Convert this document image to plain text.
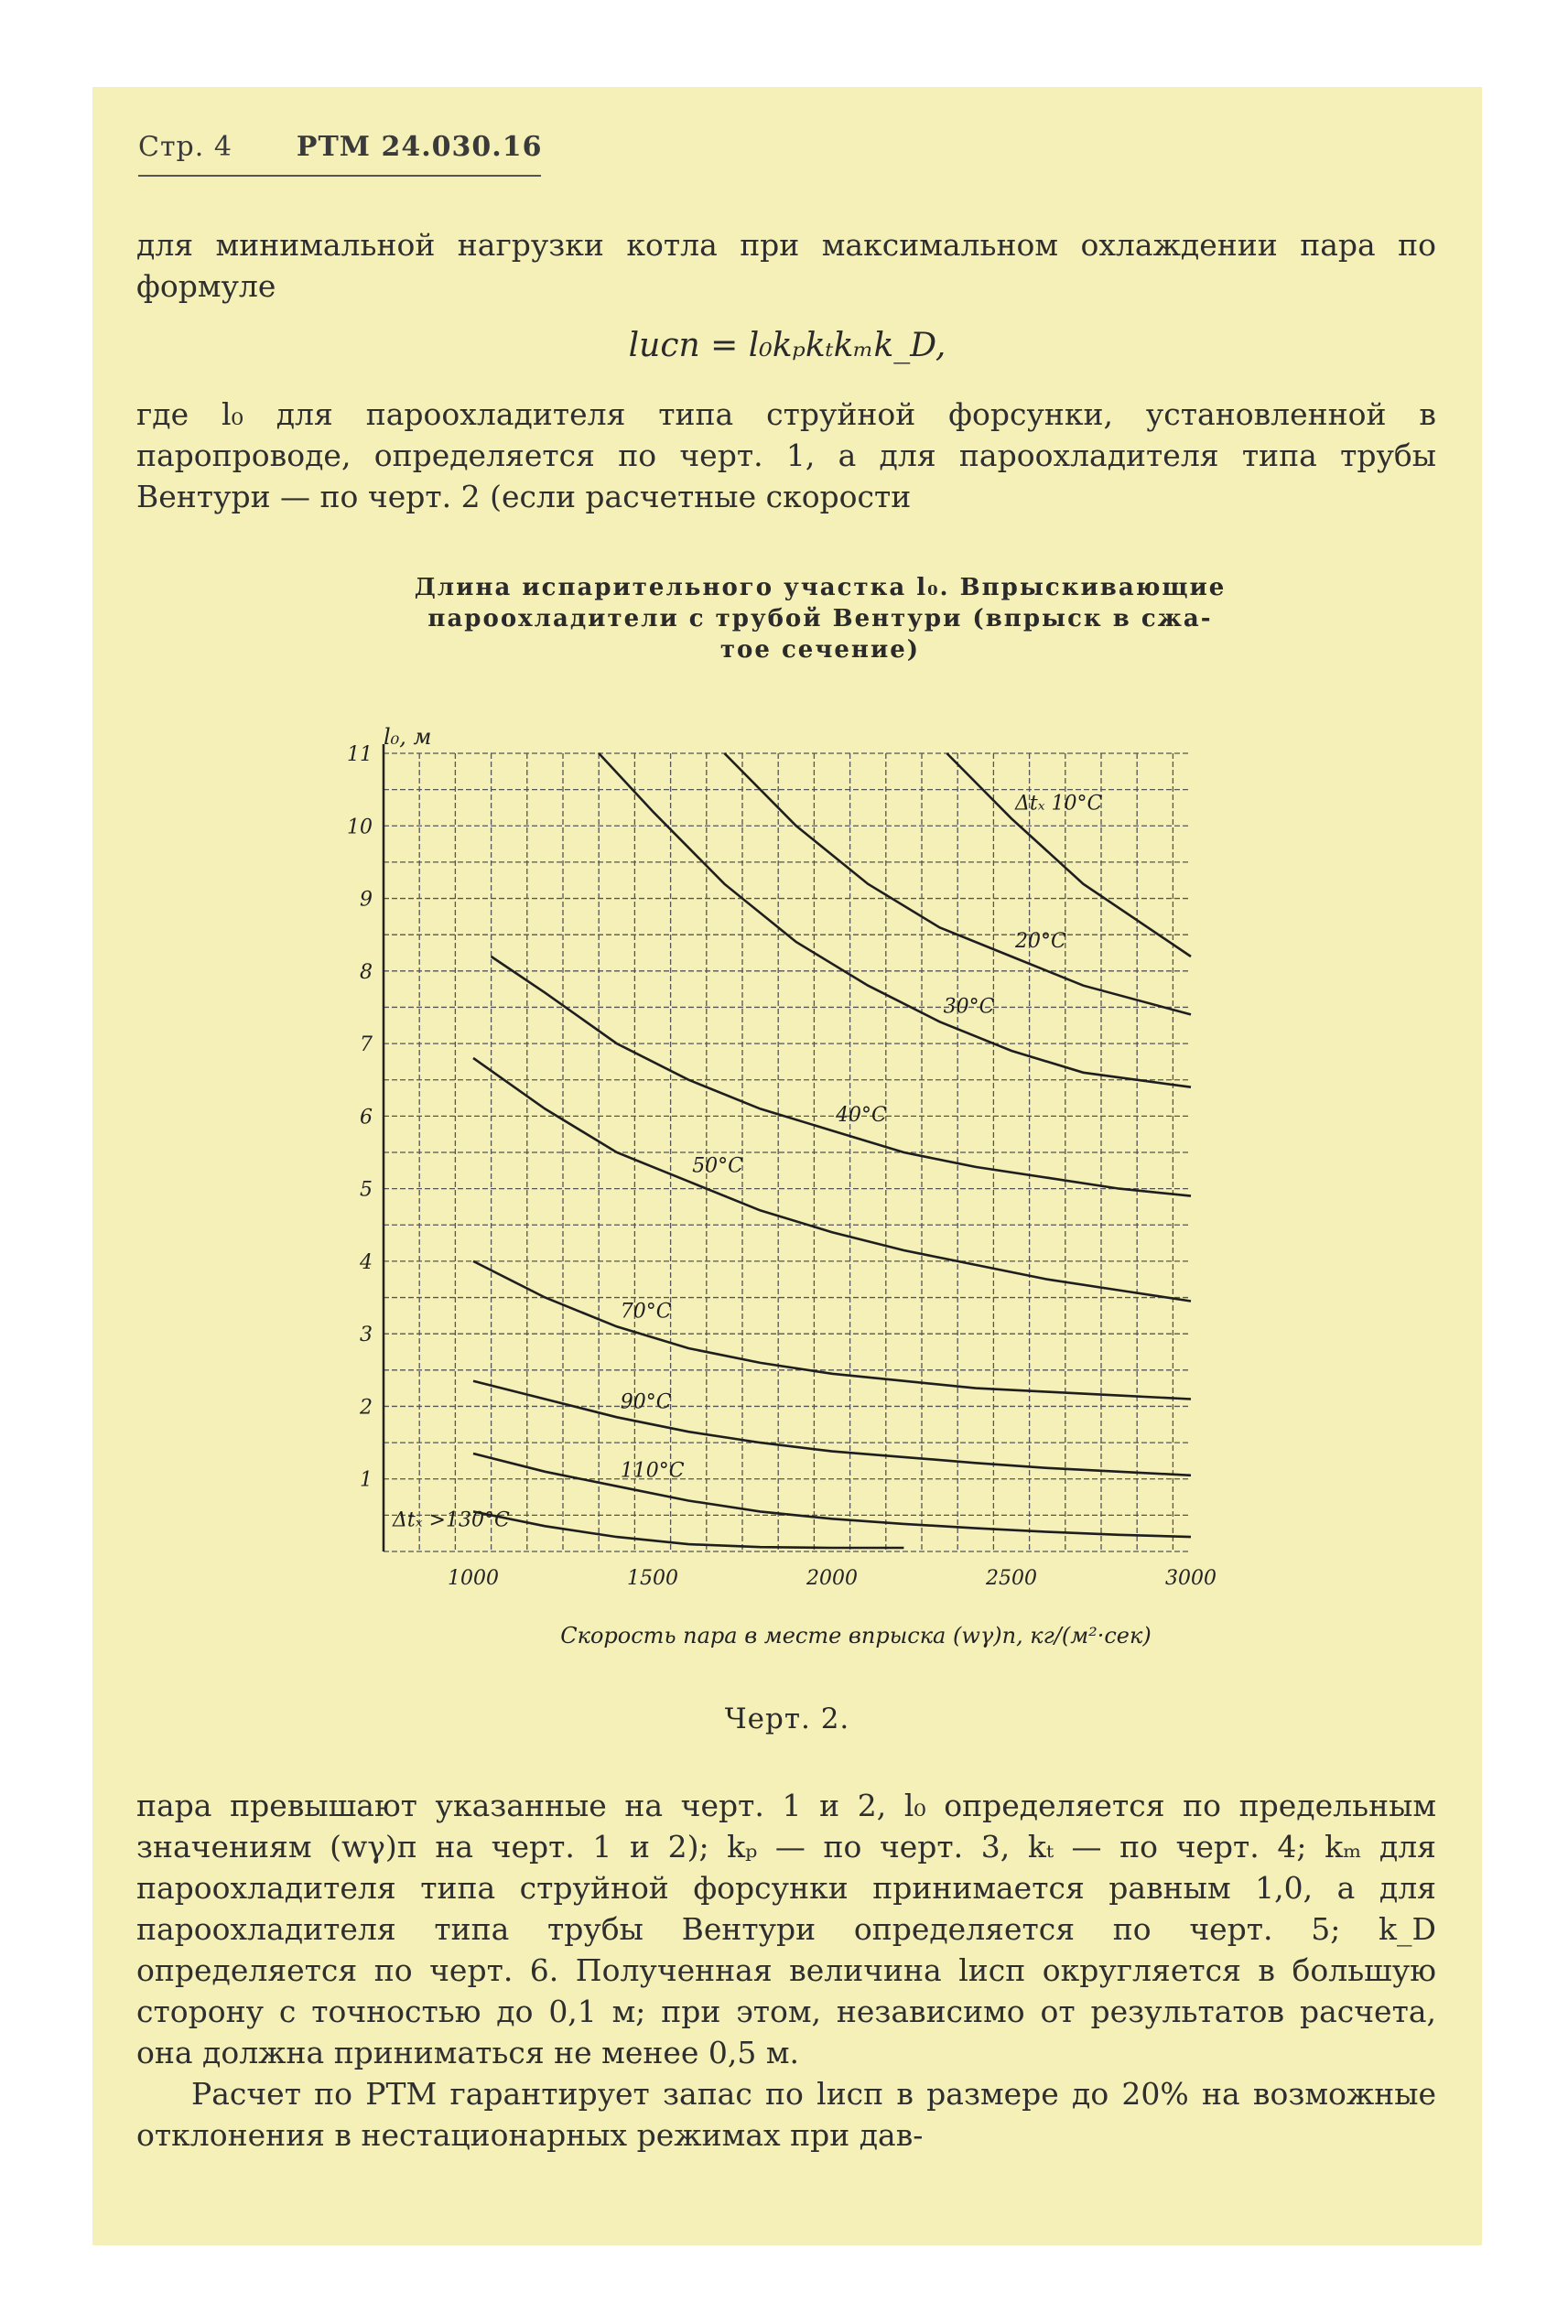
Стр. 4 РТМ 24.030.16

для минимальной нагрузки котла при максимальном охлаждении пара по формуле

lисп = l₀kₚkₜkₘk_D,

где l₀ для пароохладителя типа струйной форсунки, установленной в паропроводе, определяется по черт. 1, а для пароохладителя типа трубы Вентури — по черт. 2 (если расчетные скорости

Длина испарительного участка l₀. Впрыскивающие
пароохладители с трубой Вентури (впрыск в сжа-
тое сечение)

1
2
3
4
5
6
7
8
9
10
11
1000	1500	2000	2500	3000
Δtₓ 10°С
20°С
30°С
40°С
50°С
70°С
90°С
110°С
Δtₓ >130°С
l₀, м
Скорость пара в месте впрыска (wγ)п, кг/(м²·сек)
Черт. 2.

пара превышают указанные на черт. 1 и 2, l₀ определяется по предельным значениям (wγ)п на черт. 1 и 2); kₚ — по черт. 3, kₜ — по черт. 4; kₘ для пароохладителя типа струйной форсунки принимается равным 1,0, а для пароохладителя типа трубы Вентури определяется по черт. 5; k_D определяется по черт. 6. Полученная величина lисп округляется в большую сторону с точностью до 0,1 м; при этом, независимо от результатов расчета, она должна приниматься не менее 0,5 м.

Расчет по РТМ гарантирует запас по lисп в размере до 20% на возможные отклонения в нестационарных режимах при дав-
